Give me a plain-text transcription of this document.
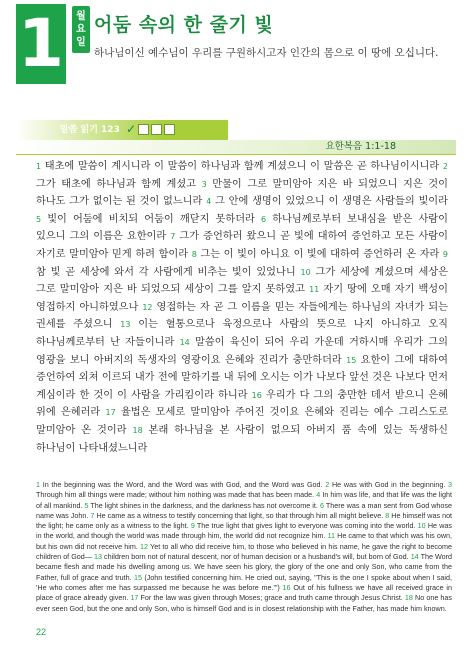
1	월요일
어둠 속의 한 줄기 빛
하나님이신 예수님이 우리를 구원하시고자 인간의 몸으로 이 땅에 오십니다.
말씀 읽기 123 ✓
요한복음 1:1-18
1 태초에 말씀이 계시니라 이 말씀이 하나님과 함께 계셨으니 이 말씀은 곧 하나님이시니라 2 그가 태초에 하나님과 함께 계셨고 3 만물이 그로 말미암아 지은 바 되었으니 지은 것이 하나도 그가 없이는 된 것이 없느니라 4 그 안에 생명이 있었으니 이 생명은 사람들의 빛이라 5 빛이 어둠에 비치되 어둠이 깨닫지 못하더라 6 하나님께로부터 보내심을 받은 사람이 있으니 그의 이름은 요한이라 7 그가 증언하러 왔으니 곧 빛에 대하여 증언하고 모든 사람이 자기로 말미암아 믿게 하려 함이라 8 그는 이 빛이 아니요 이 빛에 대하여 증언하러 온 자라 9 참 빛 곧 세상에 와서 각 사람에게 비추는 빛이 있었나니 10 그가 세상에 계셨으며 세상은 그로 말미암아 지은 바 되었으되 세상이 그를 알지 못하였고 11 자기 땅에 오매 자기 백성이 영접하지 아니하였으나 12 영접하는 자 곧 그 이름을 믿는 자들에게는 하나님의 자녀가 되는 권세를 주셨으니 13 이는 혈통으로나 육정으로나 사람의 뜻으로 나지 아니하고 오직 하나님께로부터 난 자들이니라 14 말씀이 육신이 되어 우리 가운데 거하시매 우리가 그의 영광을 보니 아버지의 독생자의 영광이요 은혜와 진리가 충만하더라 15 요한이 그에 대하여 증언하여 외쳐 이르되 내가 전에 말하기를 내 뒤에 오시는 이가 나보다 앞선 것은 나보다 먼저 계심이라 한 것이 이 사람을 가리킴이라 하니라 16 우리가 다 그의 충만한 데서 받으니 은혜 위에 은혜러라 17 율법은 모세로 말미암아 주어진 것이요 은혜와 진리는 예수 그리스도로 말미암아 온 것이라 18 본래 하나님을 본 사람이 없으되 아버지 품 속에 있는 독생하신 하나님이 나타내셨느니라
1 In the beginning was the Word, and the Word was with God, and the Word was God. 2 He was with God in the beginning. 3 Through him all things were made; without him nothing was made that has been made. 4 In him was life, and that life was the light of all mankind. 5 The light shines in the darkness, and the darkness has not overcome it. 6 There was a man sent from God whose name was John. 7 He came as a witness to testify concerning that light, so that through him all might believe. 8 He himself was not the light; he came only as a witness to the light. 9 The true light that gives light to everyone was coming into the world. 10 He was in the world, and though the world was made through him, the world did not recognize him. 11 He came to that which was his own, but his own did not receive him. 12 Yet to all who did receive him, to those who believed in his name, he gave the right to become children of God— 13 children born not of natural descent, nor of human decision or a husband's will, but born of God. 14 The Word became flesh and made his dwelling among us. We have seen his glory, the glory of the one and only Son, who came from the Father, full of grace and truth. 15 (John testified concerning him. He cried out, saying, "This is the one I spoke about when I said, 'He who comes after me has surpassed me because he was before me.'") 16 Out of his fullness we have all received grace in place of grace already given. 17 For the law was given through Moses; grace and truth came through Jesus Christ. 18 No one has ever seen God, but the one and only Son, who is himself God and is in closest relationship with the Father, has made him known.
22
